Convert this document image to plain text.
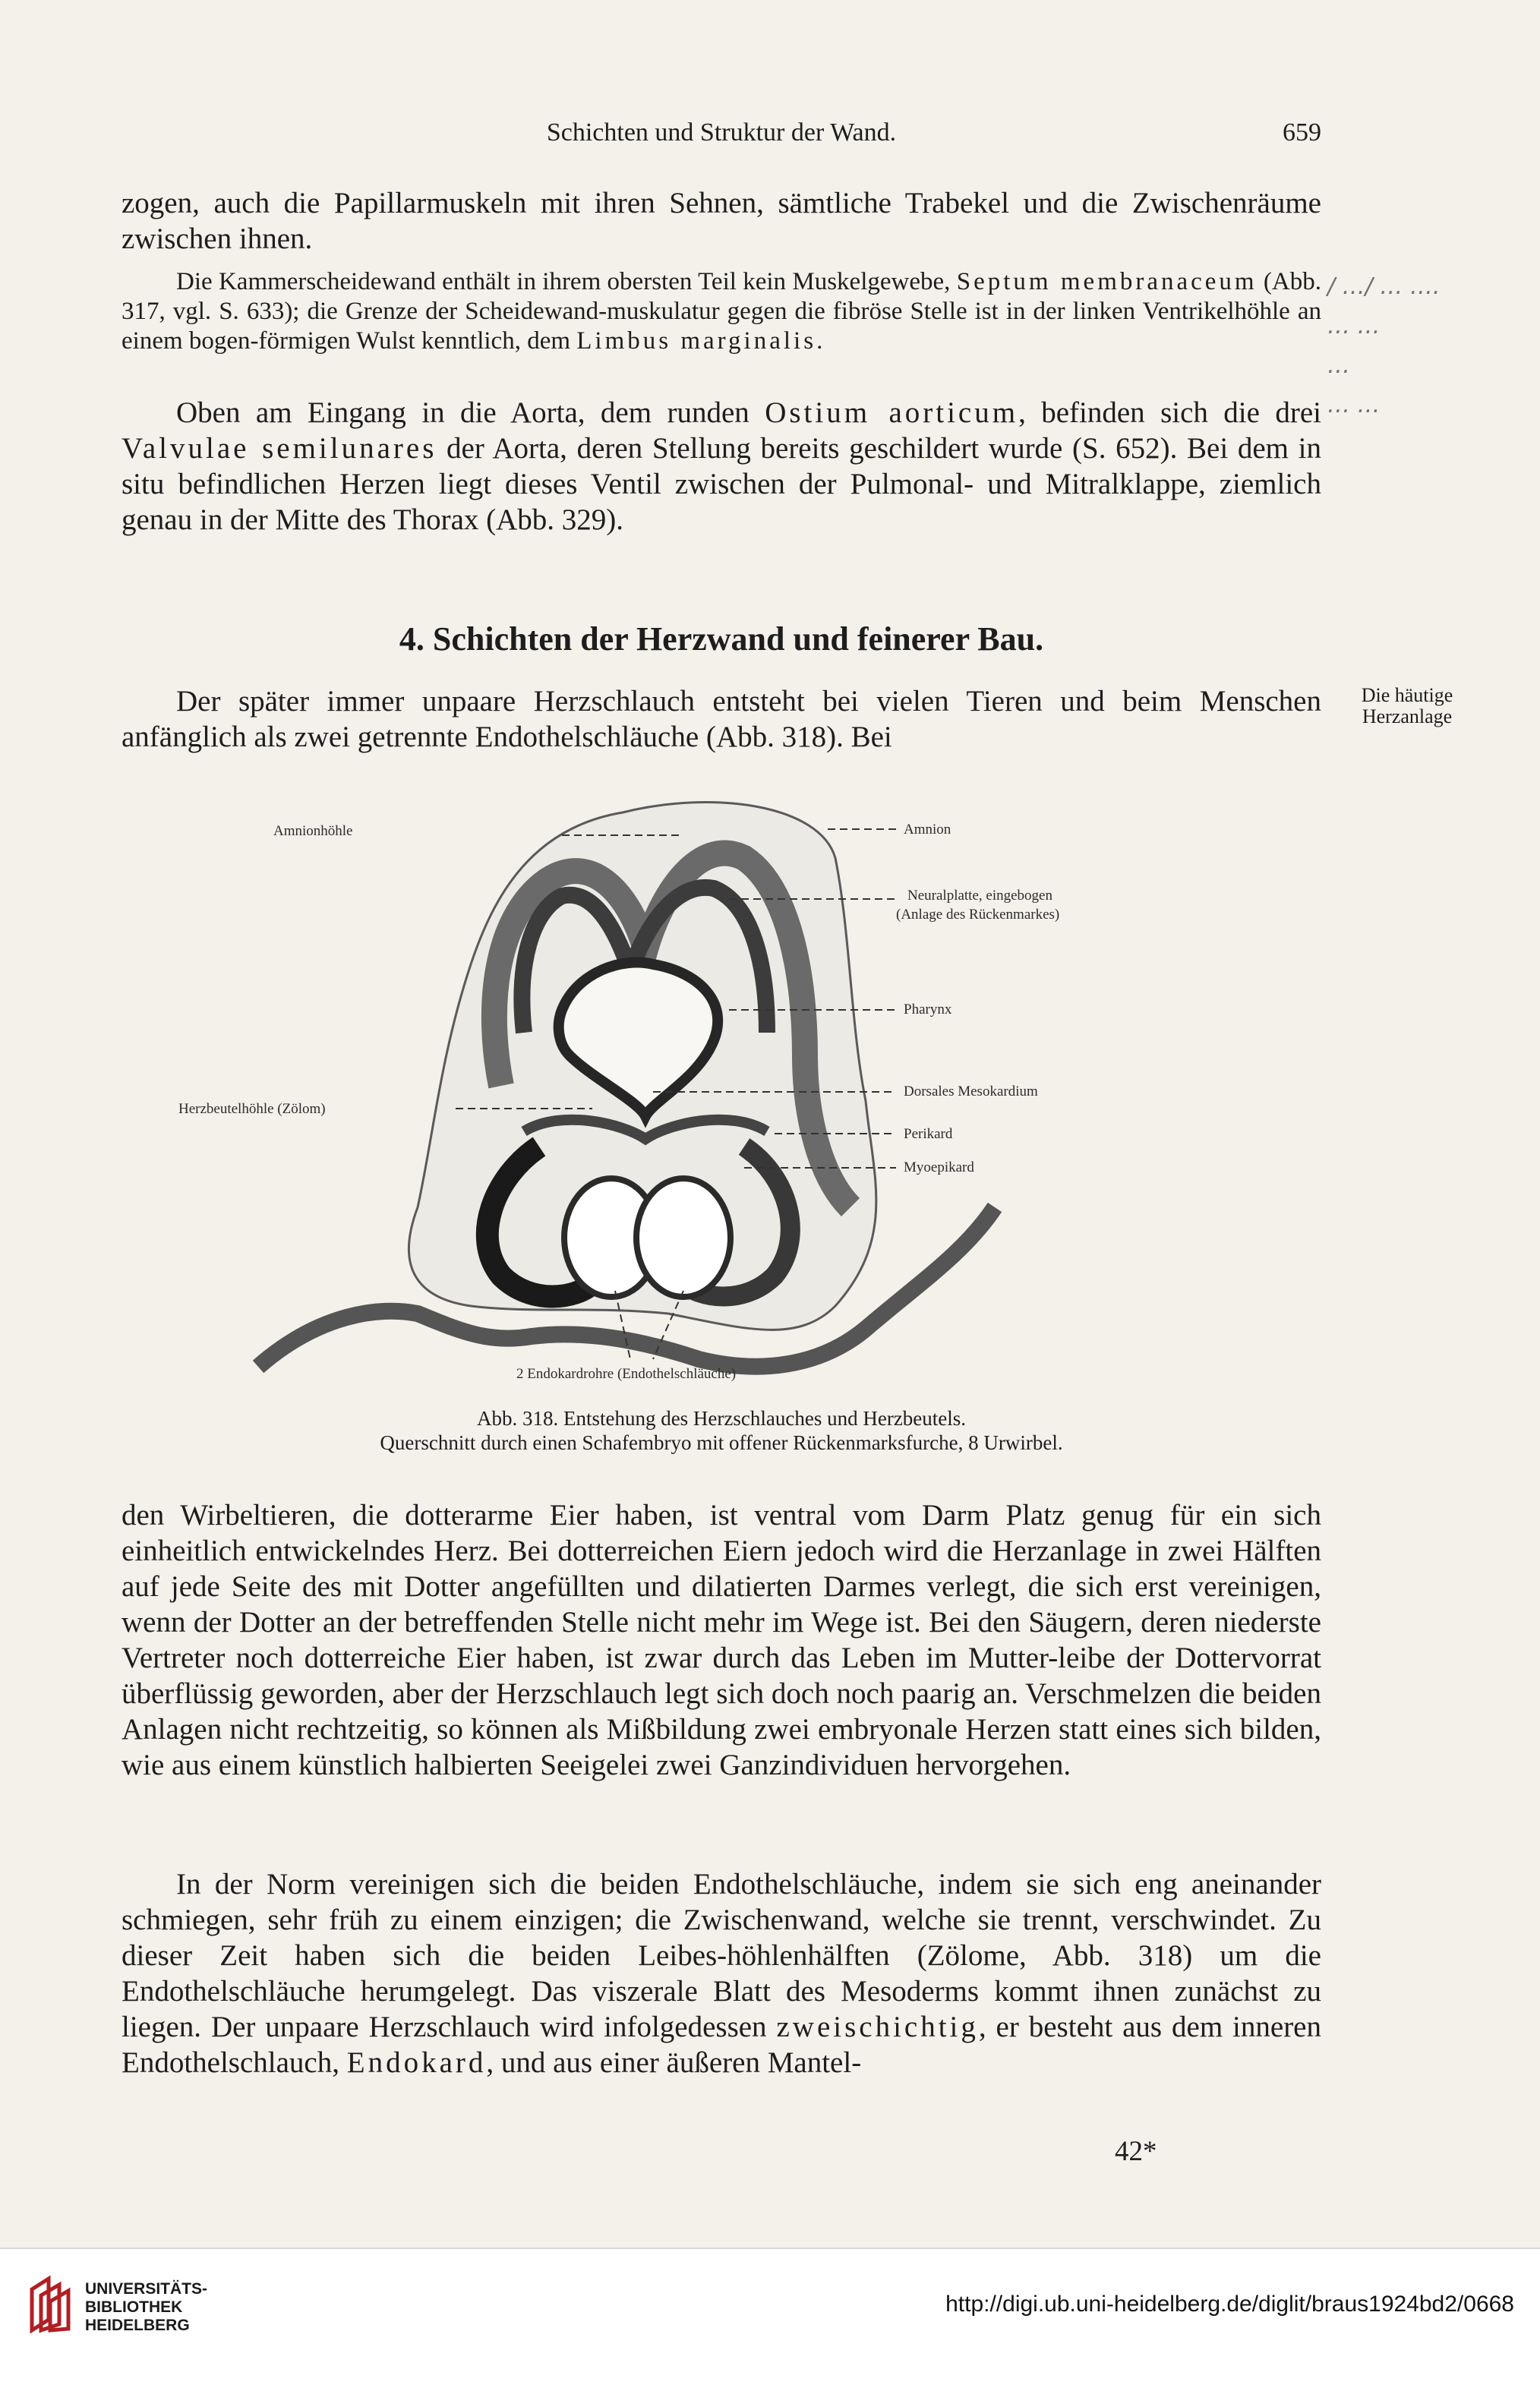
Schichten und Struktur der Wand.	659

zogen, auch die Papillarmuskeln mit ihren Sehnen, sämtliche Trabekel und die Zwischenräume zwischen ihnen.

Die Kammerscheidewand enthält in ihrem obersten Teil kein Muskelgewebe, Septum membranaceum (Abb. 317, vgl. S. 633); die Grenze der Scheidewand-muskulatur gegen die fibröse Stelle ist in der linken Ventrikelhöhle an einem bogen-förmigen Wulst kenntlich, dem Limbus marginalis.

Oben am Eingang in die Aorta, dem runden Ostium aorticum, befinden sich die drei Valvulae semilunares der Aorta, deren Stellung bereits geschildert wurde (S. 652). Bei dem in situ befindlichen Herzen liegt dieses Ventil zwischen der Pulmonal- und Mitralklappe, ziemlich genau in der Mitte des Thorax (Abb. 329).

4. Schichten der Herzwand und feinerer Bau.

Der später immer unpaare Herzschlauch entsteht bei vielen Tieren und beim Menschen anfänglich als zwei getrennte Endothelschläuche (Abb. 318). Bei

Die häutige Herzanlage
/ …/ … ….
… …
…
… …
Amnionhöhle	Amnion
Neuralplatte, eingebogen
(Anlage des Rückenmarkes)
Pharynx
Herzbeutelhöhle (Zölom)
Dorsales Mesokardium
Perikard
Myoepikard
2 Endokardrohre (Endothelschläuche)

Abb. 318. Entstehung des Herzschlauches und Herzbeutels.

Querschnitt durch einen Schafembryo mit offener Rückenmarksfurche, 8 Urwirbel.

den Wirbeltieren, die dotterarme Eier haben, ist ventral vom Darm Platz genug für ein sich einheitlich entwickelndes Herz. Bei dotterreichen Eiern jedoch wird die Herzanlage in zwei Hälften auf jede Seite des mit Dotter angefüllten und dilatierten Darmes verlegt, die sich erst vereinigen, wenn der Dotter an der betreffenden Stelle nicht mehr im Wege ist. Bei den Säugern, deren niederste Vertreter noch dotterreiche Eier haben, ist zwar durch das Leben im Mutter-leibe der Dottervorrat überflüssig geworden, aber der Herzschlauch legt sich doch noch paarig an. Verschmelzen die beiden Anlagen nicht rechtzeitig, so können als Mißbildung zwei embryonale Herzen statt eines sich bilden, wie aus einem künstlich halbierten Seeigelei zwei Ganzindividuen hervorgehen.

In der Norm vereinigen sich die beiden Endothelschläuche, indem sie sich eng aneinander schmiegen, sehr früh zu einem einzigen; die Zwischenwand, welche sie trennt, verschwindet. Zu dieser Zeit haben sich die beiden Leibes-höhlenhälften (Zölome, Abb. 318) um die Endothelschläuche herumgelegt. Das viszerale Blatt des Mesoderms kommt ihnen zunächst zu liegen. Der unpaare Herzschlauch wird infolgedessen zweischichtig, er besteht aus dem inneren Endothelschlauch, Endokard, und aus einer äußeren Mantel-

42*
UNIVERSITÄTS-
BIBLIOTHEK
HEIDELBERG
http://digi.ub.uni-heidelberg.de/diglit/braus1924bd2/0668
